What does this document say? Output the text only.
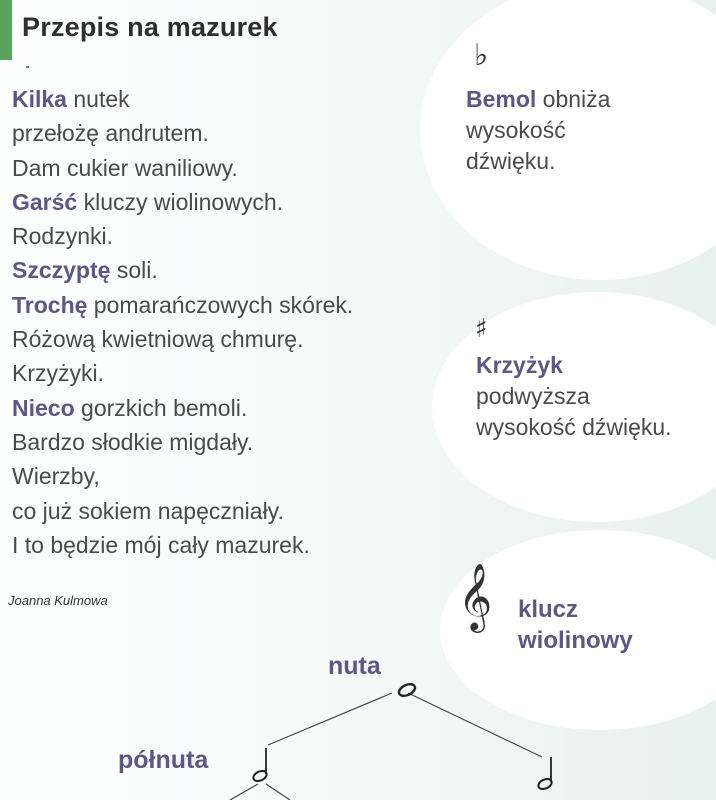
Przepis na mazurek
Kilka nutek
przełożę andrutem.
Dam cukier waniliowy.
Garść kluczy wiolinowych.
Rodzynki.
Szczyptę soli.
Trochę pomarańczowych skórek.
Różową kwietniową chmurę.
Krzyżyki.
Nieco gorzkich bemoli.
Bardzo słodkie migdały.
Wierzby,
co już sokiem napęczniały.
I to będzie mój cały mazurek.
Joanna Kulmowa
♭
Bemol obniża
wysokość
dźwięku.
♯
Krzyżyk
podwyższa
wysokość dźwięku.
𝄞 klucz
wiolinowy
nuta
półnuta
